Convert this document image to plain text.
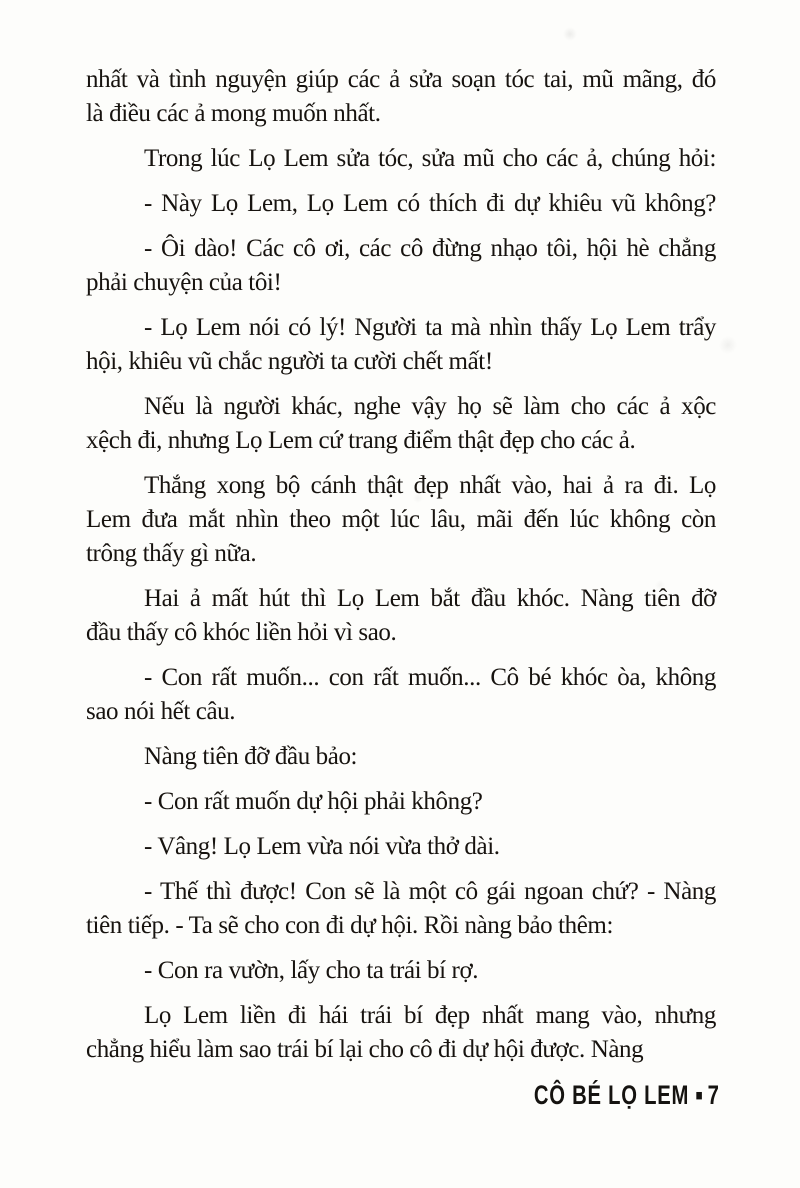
nhất và tình nguyện giúp các ả sửa soạn tóc tai, mũ mãng, đó
là điều các ả mong muốn nhất.
Trong lúc Lọ Lem sửa tóc, sửa mũ cho các ả, chúng hỏi:
- Này Lọ Lem, Lọ Lem có thích đi dự khiêu vũ không?
- Ôi dào! Các cô ơi, các cô đừng nhạo tôi, hội hè chẳng
phải chuyện của tôi!
- Lọ Lem nói có lý! Người ta mà nhìn thấy Lọ Lem trẩy
hội, khiêu vũ chắc người ta cười chết mất!
Nếu là người khác, nghe vậy họ sẽ làm cho các ả xộc
xệch đi, nhưng Lọ Lem cứ trang điểm thật đẹp cho các ả.
Thắng xong bộ cánh thật đẹp nhất vào, hai ả ra đi. Lọ
Lem đưa mắt nhìn theo một lúc lâu, mãi đến lúc không còn
trông thấy gì nữa.
Hai ả mất hút thì Lọ Lem bắt đầu khóc. Nàng tiên đỡ
đầu thấy cô khóc liền hỏi vì sao.
- Con rất muốn... con rất muốn... Cô bé khóc òa, không
sao nói hết câu.
Nàng tiên đỡ đầu bảo:
- Con rất muốn dự hội phải không?
- Vâng! Lọ Lem vừa nói vừa thở dài.
- Thế thì được! Con sẽ là một cô gái ngoan chứ? - Nàng
tiên tiếp. - Ta sẽ cho con đi dự hội. Rồi nàng bảo thêm:
- Con ra vườn, lấy cho ta trái bí rợ.
Lọ Lem liền đi hái trái bí đẹp nhất mang vào, nhưng
chẳng hiểu làm sao trái bí lại cho cô đi dự hội được. Nàng
CÔ BÉ LỌ LEM ▪ 7
